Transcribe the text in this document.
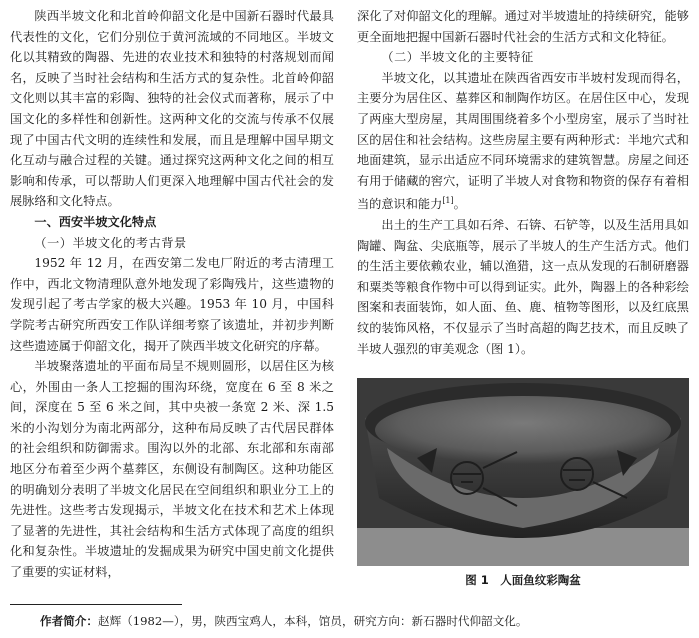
陕西半坡文化和北首岭仰韶文化是中国新石器时代最具代表性的文化，它们分别位于黄河流域的不同地区。半坡文化以其精致的陶器、先进的农业技术和独特的村落规划而闻名，反映了当时社会结构和生活方式的复杂性。北首岭仰韶文化则以其丰富的彩陶、独特的社会仪式而著称，展示了中国文化的多样性和创新性。这两种文化的交流与传承不仅展现了中国古代文明的连续性和发展，而且是理解中国早期文化互动与融合过程的关键。通过探究这两种文化之间的相互影响和传承，可以帮助人们更深入地理解中国古代社会的发展脉络和文化特点。

一、西安半坡文化特点

（一）半坡文化的考古背景

1952 年 12 月，在西安第二发电厂附近的考古清理工作中，西北文物清理队意外地发现了彩陶残片，这些遗物的发现引起了考古学家的极大兴趣。1953 年 10 月，中国科学院考古研究所西安工作队详细考察了该遗址，并初步判断这些遗迹属于仰韶文化，揭开了陕西半坡文化研究的序幕。

半坡聚落遗址的平面布局呈不规则圆形，以居住区为核心，外围由一条人工挖掘的围沟环绕，宽度在 6 至 8 米之间，深度在 5 至 6 米之间，其中央被一条宽 2 米、深 1.5 米的小沟划分为南北两部分，这种布局反映了古代居民群体的社会组织和防御需求。围沟以外的北部、东北部和东南部地区分布着至少两个墓葬区，东侧设有制陶区。这种功能区的明确划分表明了半坡文化居民在空间组织和职业分工上的先进性。这些考古发现揭示，半坡文化在技术和艺术上体现了显著的先进性，其社会结构和生活方式体现了高度的组织化和复杂性。半坡遗址的发掘成果为研究中国史前文化提供了重要的实证材料，

深化了对仰韶文化的理解。通过对半坡遗址的持续研究，能够更全面地把握中国新石器时代社会的生活方式和文化特征。

（二）半坡文化的主要特征

半坡文化，以其遗址在陕西省西安市半坡村发现而得名，主要分为居住区、墓葬区和制陶作坊区。在居住区中心，发现了两座大型房屋，其周围围绕着多个小型房室，展示了当时社区的居住和社会结构。这些房屋主要有两种形式：半地穴式和地面建筑，显示出适应不同环境需求的建筑智慧。房屋之间还有用于储藏的窖穴，证明了半坡人对食物和物资的保存有着相当的意识和能力[1]。

出土的生产工具如石斧、石锛、石铲等，以及生活用具如陶罐、陶盆、尖底瓶等，展示了半坡人的生产生活方式。他们的生活主要依赖农业，辅以渔猎，这一点从发现的石制研磨器和粟类等粮食作物中可以得到证实。此外，陶器上的各种彩绘图案和表面装饰，如人面、鱼、鹿、植物等图形，以及红底黑纹的装饰风格，不仅显示了当时高超的陶艺技术，而且反映了半坡人强烈的审美观念（图 1）。

图 1　人面鱼纹彩陶盆
作者简介：赵辉（1982—），男，陕西宝鸡人，本科，馆员，研究方向：新石器时代仰韶文化。
